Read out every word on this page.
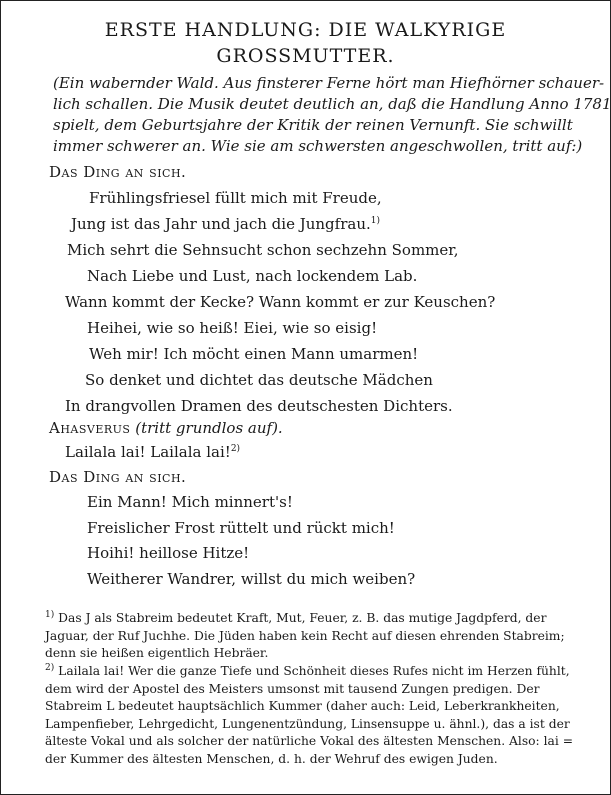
ERSTE HANDLUNG: DIE WALKYRIGE
GROSSMUTTER.
(Ein wabernder Wald. Aus finsterer Ferne hört man Hiefhörner schauer-
lich schallen. Die Musik deutet deutlich an, daß die Handlung Anno 1781
spielt, dem Geburtsjahre der Kritik der reinen Vernunft. Sie schwillt
immer schwerer an. Wie sie am schwersten angeschwollen, tritt auf:)
Das Ding an sich.
Frühlingsfriesel füllt mich mit Freude,
Jung ist das Jahr und jach die Jungfrau.$^{1)}$
Mich sehrt die Sehnsucht schon sechzehn Sommer,
Nach Liebe und Lust, nach lockendem Lab.
Wann kommt der Kecke? Wann kommt er zur Keuschen?
Heihei, wie so heiß! Eiei, wie so eisig!
Weh mir! Ich möcht einen Mann umarmen!
So denket und dichtet das deutsche Mädchen
In drangvollen Dramen des deutschesten Dichters.
Ahasverus (tritt grundlos auf).
Lailala lai! Lailala lai!$^{2)}$
Das Ding an sich.
Ein Mann! Mich minnert's!
Freislicher Frost rüttelt und rückt mich!
Hoihi! heillose Hitze!
Weitherer Wandrer, willst du mich weiben?
$^{1)}$ Das J als Stabreim bedeutet Kraft, Mut, Feuer, z. B. das mutige Jagdpferd, der
Jaguar, der Ruf Juchhe. Die Jüden haben kein Recht auf diesen ehrenden Stabreim;
denn sie heißen eigentlich Hebräer.
$^{2)}$ Lailala lai! Wer die ganze Tiefe und Schönheit dieses Rufes nicht im Herzen fühlt,
dem wird der Apostel des Meisters umsonst mit tausend Zungen predigen. Der
Stabreim L bedeutet hauptsächlich Kummer (daher auch: Leid, Leberkrankheiten,
Lampenfieber, Lehrgedicht, Lungenentzündung, Linsensuppe u. ähnl.), das a ist der
älteste Vokal und als solcher der natürliche Vokal des ältesten Menschen. Also: lai =
der Kummer des ältesten Menschen, d. h. der Wehruf des ewigen Juden.
